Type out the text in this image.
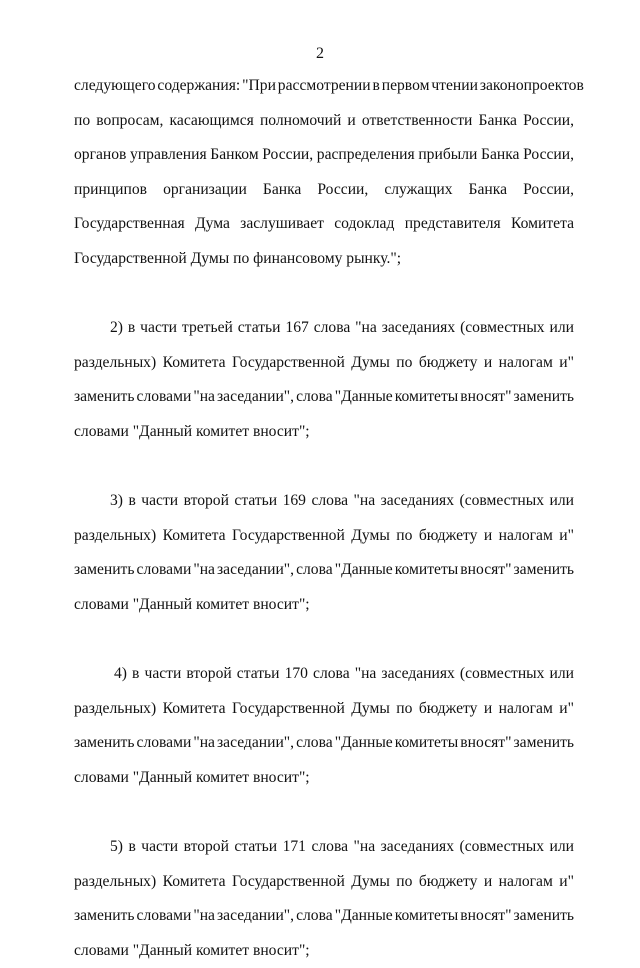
2
следующего содержания: "При рассмотрении в первом чтении законопроектов
по вопросам, касающимся полномочий и ответственности Банка России,
органов управления Банком России, распределения прибыли Банка России,
принципов организации Банка России, служащих Банка России,
Государственная Дума заслушивает содоклад представителя Комитета
Государственной Думы по финансовому рынку.";
2) в части третьей статьи 167 слова "на заседаниях (совместных или
раздельных) Комитета Государственной Думы по бюджету и налогам и"
заменить словами "на заседании", слова "Данные комитеты вносят" заменить
словами "Данный комитет вносит";
3) в части второй статьи 169 слова "на заседаниях (совместных или
раздельных) Комитета Государственной Думы по бюджету и налогам и"
заменить словами "на заседании", слова "Данные комитеты вносят" заменить
словами "Данный комитет вносит";
4) в части второй статьи 170 слова "на заседаниях (совместных или
раздельных) Комитета Государственной Думы по бюджету и налогам и"
заменить словами "на заседании", слова "Данные комитеты вносят" заменить
словами "Данный комитет вносит";
5) в части второй статьи 171 слова "на заседаниях (совместных или
раздельных) Комитета Государственной Думы по бюджету и налогам и"
заменить словами "на заседании", слова "Данные комитеты вносят" заменить
словами "Данный комитет вносит";
